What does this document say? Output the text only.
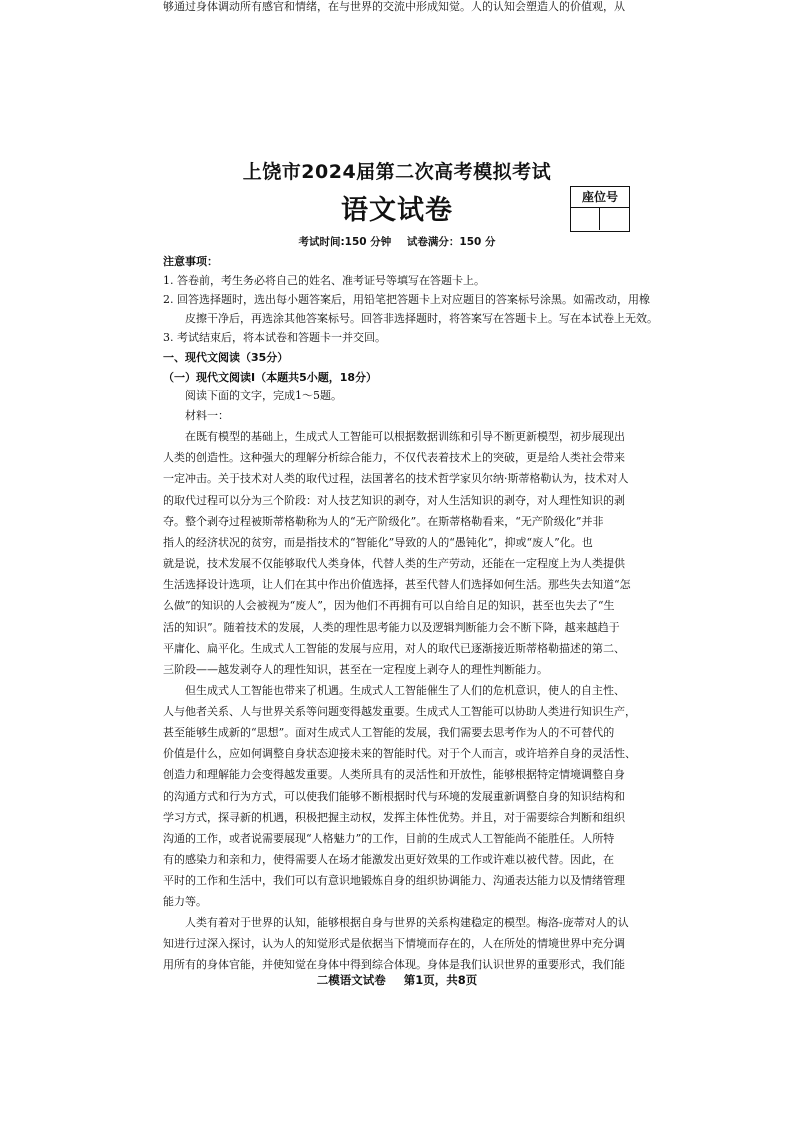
上饶市2024届第二次高考模拟考试
语文试卷	座位号
考试时间:150 分钟 试卷满分：150 分
注意事项：
1. 答卷前，考生务必将自己的姓名、准考证号等填写在答题卡上。
2. 回答选择题时，选出每小题答案后，用铅笔把答题卡上对应题目的答案标号涂黑。如需改动，用橡
皮擦干净后，再选涂其他答案标号。回答非选择题时，将答案写在答题卡上。写在本试卷上无效。
3. 考试结束后，将本试卷和答题卡一并交回。
一、现代文阅读（35分）
（一）现代文阅读Ⅰ（本题共5小题，18分）
阅读下面的文字，完成1～5题。
材料一：
在既有模型的基础上，生成式人工智能可以根据数据训练和引导不断更新模型，初步展现出
人类的创造性。这种强大的理解分析综合能力，不仅代表着技术上的突破，更是给人类社会带来
一定冲击。关于技术对人类的取代过程，法国著名的技术哲学家贝尔纳·斯蒂格勒认为，技术对人
的取代过程可以分为三个阶段：对人技艺知识的剥夺，对人生活知识的剥夺，对人理性知识的剥
夺。整个剥夺过程被斯蒂格勒称为人的“无产阶级化”。在斯蒂格勒看来，“无产阶级化”并非
指人的经济状况的贫穷，而是指技术的“智能化”导致的人的“愚钝化”，抑或“废人”化。也
就是说，技术发展不仅能够取代人类身体，代替人类的生产劳动，还能在一定程度上为人类提供
生活选择设计选项，让人们在其中作出价值选择，甚至代替人们选择如何生活。那些失去知道“怎
么做”的知识的人会被视为“废人”，因为他们不再拥有可以自给自足的知识，甚至也失去了“生
活的知识”。随着技术的发展，人类的理性思考能力以及逻辑判断能力会不断下降，越来越趋于
平庸化、扁平化。生成式人工智能的发展与应用，对人的取代已逐渐接近斯蒂格勒描述的第二、
三阶段——越发剥夺人的理性知识，甚至在一定程度上剥夺人的理性判断能力。
但生成式人工智能也带来了机遇。生成式人工智能催生了人们的危机意识，使人的自主性、
人与他者关系、人与世界关系等问题变得越发重要。生成式人工智能可以协助人类进行知识生产，
甚至能够生成新的“思想”。面对生成式人工智能的发展，我们需要去思考作为人的不可替代的
价值是什么，应如何调整自身状态迎接未来的智能时代。对于个人而言，或许培养自身的灵活性、
创造力和理解能力会变得越发重要。人类所具有的灵活性和开放性，能够根据特定情境调整自身
的沟通方式和行为方式，可以使我们能够不断根据时代与环境的发展重新调整自身的知识结构和
学习方式，探寻新的机遇，积极把握主动权，发挥主体性优势。并且，对于需要综合判断和组织
沟通的工作，或者说需要展现“人格魅力”的工作，目前的生成式人工智能尚不能胜任。人所特
有的感染力和亲和力，使得需要人在场才能激发出更好效果的工作或许难以被代替。因此，在
平时的工作和生活中，我们可以有意识地锻炼自身的组织协调能力、沟通表达能力以及情绪管理
能力等。
人类有着对于世界的认知，能够根据自身与世界的关系构建稳定的模型。梅洛-庞蒂对人的认
知进行过深入探讨，认为人的知觉形式是依据当下情境而存在的，人在所处的情境世界中充分调
用所有的身体官能，并使知觉在身体中得到综合体现。身体是我们认识世界的重要形式，我们能
够通过身体调动所有感官和情绪，在与世界的交流中形成知觉。人的认知会塑造人的价值观，从
二模语文试卷 第1页，共8页
